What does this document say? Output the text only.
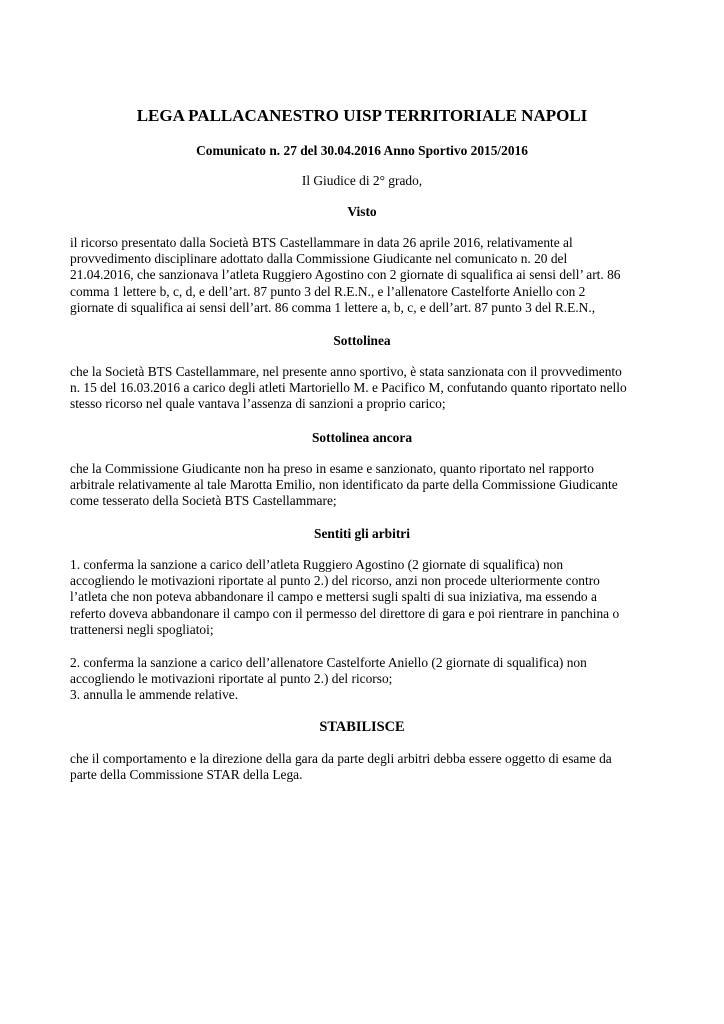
LEGA PALLACANESTRO UISP TERRITORIALE NAPOLI

Comunicato n. 27 del 30.04.2016 Anno Sportivo 2015/2016

Il Giudice di 2° grado,

Visto

il ricorso presentato dalla Società BTS Castellammare in data 26 aprile 2016, relativamente al
provvedimento disciplinare adottato dalla Commissione Giudicante nel comunicato n. 20 del
21.04.2016, che sanzionava l’atleta Ruggiero Agostino con 2 giornate di squalifica ai sensi dell’ art. 86
comma 1 lettere b, c, d, e dell’art. 87 punto 3 del R.E.N., e l’allenatore Castelforte Aniello con 2
giornate di squalifica ai sensi dell’art. 86 comma 1 lettere a, b, c, e dell’art. 87 punto 3 del R.E.N.,

Sottolinea

che la Società BTS Castellammare, nel presente anno sportivo, è stata sanzionata con il provvedimento
n. 15 del 16.03.2016 a carico degli atleti Martoriello M. e Pacifico M, confutando quanto riportato nello
stesso ricorso nel quale vantava l’assenza di sanzioni a proprio carico;

Sottolinea ancora

che la Commissione Giudicante non ha preso in esame e sanzionato, quanto riportato nel rapporto
arbitrale relativamente al tale Marotta Emilio, non identificato da parte della Commissione Giudicante
come tesserato della Società BTS Castellammare;

Sentiti gli arbitri

1. conferma la sanzione a carico dell’atleta Ruggiero Agostino (2 giornate di squalifica) non
accogliendo le motivazioni riportate al punto 2.) del ricorso, anzi non procede ulteriormente contro
l’atleta che non poteva abbandonare il campo e mettersi sugli spalti di sua iniziativa, ma essendo a
referto doveva abbandonare il campo con il permesso del direttore di gara e poi rientrare in panchina o
trattenersi negli spogliatoi;

2. conferma la sanzione a carico dell’allenatore Castelforte Aniello (2 giornate di squalifica) non
accogliendo le motivazioni riportate al punto 2.) del ricorso;
3. annulla le ammende relative.

STABILISCE

che il comportamento e la direzione della gara da parte degli arbitri debba essere oggetto di esame da
parte della Commissione STAR della Lega.
